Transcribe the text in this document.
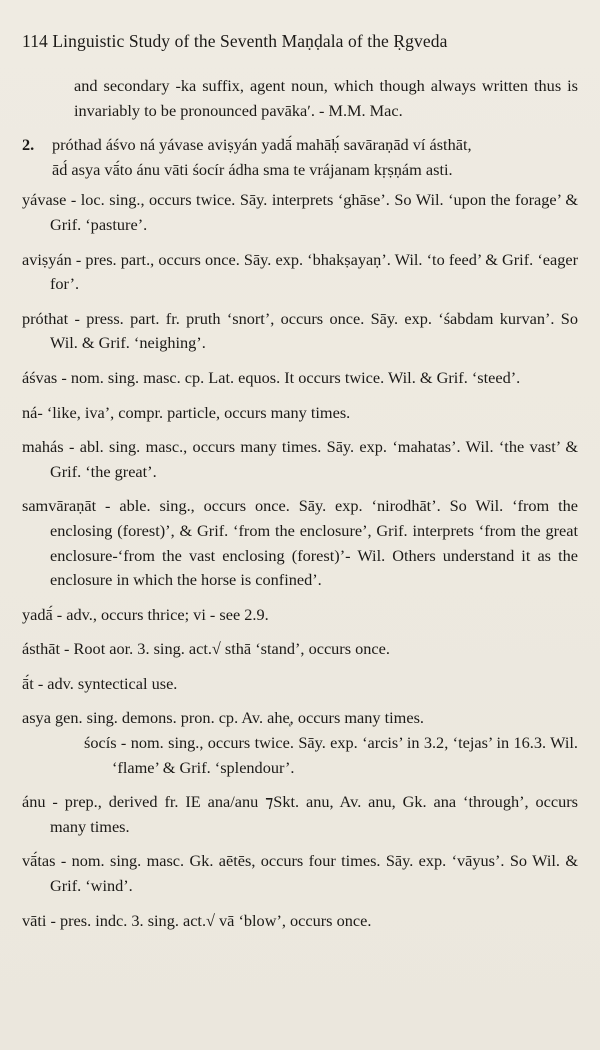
114 Linguistic Study of the Seventh Maṇḍala of the Ṛgveda

and secondary -ka suffix, agent noun, which though always written thus is invariably to be pronounced pavākaʹ. - M.M. Mac.

2. próthad áśvo ná yávase aviṣyán yadā́ mahāḥ́ savāraṇād ví ásthāt,
ād́ asya vā́to ánu vāti śocír ádha sma te vrájanam kṛṣṇám asti.

yávase - loc. sing., occurs twice. Sāy. interprets ‘ghāse’. So Wil. ‘upon the forage’ & Grif. ‘pasture’.

aviṣyán - pres. part., occurs once. Sāy. exp. ‘bhakṣayaṇ’. Wil. ‘to feed’ & Grif. ‘eager for’.

próthat - press. part. fr. pruth ‘snort’, occurs once. Sāy. exp. ‘śabdam kurvan’. So Wil. & Grif. ‘neighing’.

áśvas - nom. sing. masc. cp. Lat. equos. It occurs twice. Wil. & Grif. ‘steed’.

ná- ‘like, iva’, compr. particle, occurs many times.

mahás - abl. sing. masc., occurs many times. Sāy. exp. ‘mahatas’. Wil. ‘the vast’ & Grif. ‘the great’.

samvāraṇāt - able. sing., occurs once. Sāy. exp. ‘nirodhāt’. So Wil. ‘from the enclosing (forest)’, & Grif. ‘from the enclosure’, Grif. interprets ‘from the great enclosure-‘from the vast enclosing (forest)’- Wil. Others understand it as the enclosure in which the horse is confined’.

yadā́ - adv., occurs thrice; vi - see 2.9.

ásthāt - Root aor. 3. sing. act.√ sthā ‘stand’, occurs once.

ā́t - adv. syntectical use.

asya gen. sing. demons. pron. cp. Av. ahe̜, occurs many times.

śocís - nom. sing., occurs twice. Sāy. exp. ‘arcis’ in 3.2, ‘tejas’ in 16.3. Wil. ‘flame’ & Grif. ‘splendour’.

ánu - prep., derived fr. IE ana/anu ⁊Skt. anu, Av. anu, Gk. ana ‘through’, occurs many times.

vā́tas - nom. sing. masc. Gk. aētēs, occurs four times. Sāy. exp. ‘vāyus’. So Wil. & Grif. ‘wind’.

vāti - pres. indc. 3. sing. act.√ vā ‘blow’, occurs once.
